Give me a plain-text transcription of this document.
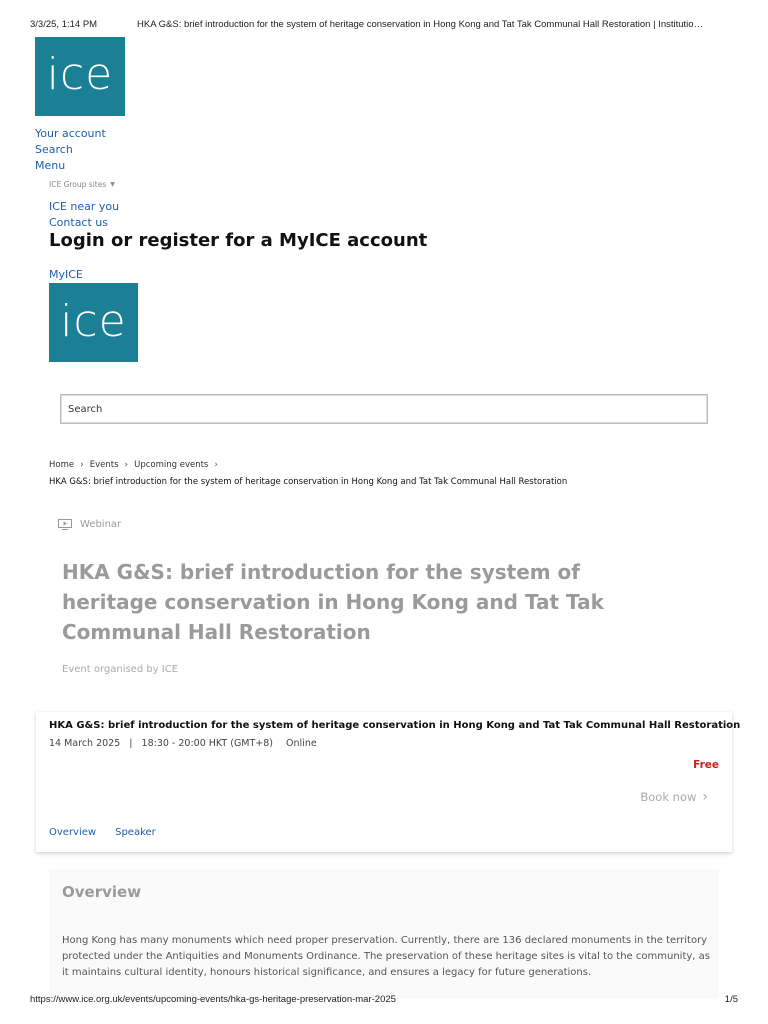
3/3/25, 1:14 PM	HKA G&S: brief introduction for the system of heritage conservation in Hong Kong and Tat Tak Communal Hall Restoration | Institutio…
ice
Your account
Search
Menu
ICE Group sites ▼
ICE near you
Contact us
Login or register for a MyICE account
MyICE
ice
Search
Home › Events › Upcoming events ›
HKA G&S: brief introduction for the system of heritage conservation in Hong Kong and Tat Tak Communal Hall Restoration
Webinar
HKA G&S: brief introduction for the system of heritage conservation in Hong Kong and Tat Tak Communal Hall Restoration
Event organised by ICE
HKA G&S: brief introduction for the system of heritage conservation in Hong Kong and Tat Tak Communal Hall Restoration
14 March 2025 | 18:30 - 20:00 HKT (GMT+8) Online
Free
Book now ›
Overview Speaker
Overview
Hong Kong has many monuments which need proper preservation. Currently, there are 136 declared monuments in the territory protected under the Antiquities and Monuments Ordinance. The preservation of these heritage sites is vital to the community, as it maintains cultural identity, honours historical significance, and ensures a legacy for future generations.
https://www.ice.org.uk/events/upcoming-events/hka-gs-heritage-preservation-mar-2025	1/5
